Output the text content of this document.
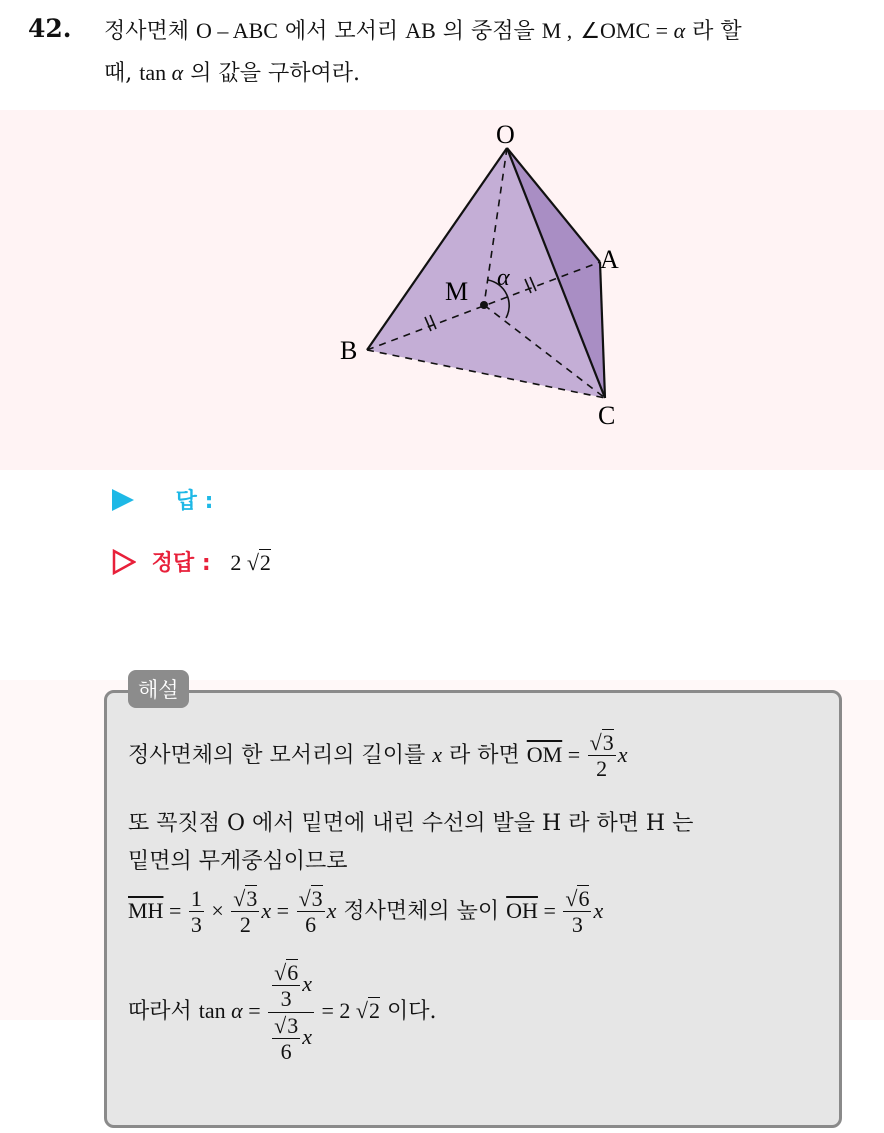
42. 정사면체 O – ABC 에서 모서리 AB 의 중점을 M , ∠OMC = α 라 할
때, tan α 의 값을 구하여라.
O
A
B
C
M α
답 :
정답 : 2 √2
해설
정사면체의 한 모서리의 길이를 x 라 하면 $\overline{OM} = \frac{√3}{2}$ x
또 꼭짓점 O 에서 밑면에 내린 수선의 발을 H 라 하면 H 는
밑면의 무게중심이므로
$\overline{MH} = \frac{1}{3} \times \frac{√3}{2}$ $x = \frac{√3}{6}$ x 정사면체의 높이 $\overline{OH} = \frac{√6}{3}$ x
따라서 $\tan \alpha = \frac{\frac{√6}{3} x}{\frac{√3}{6} x} = 2$ √2 이다.
